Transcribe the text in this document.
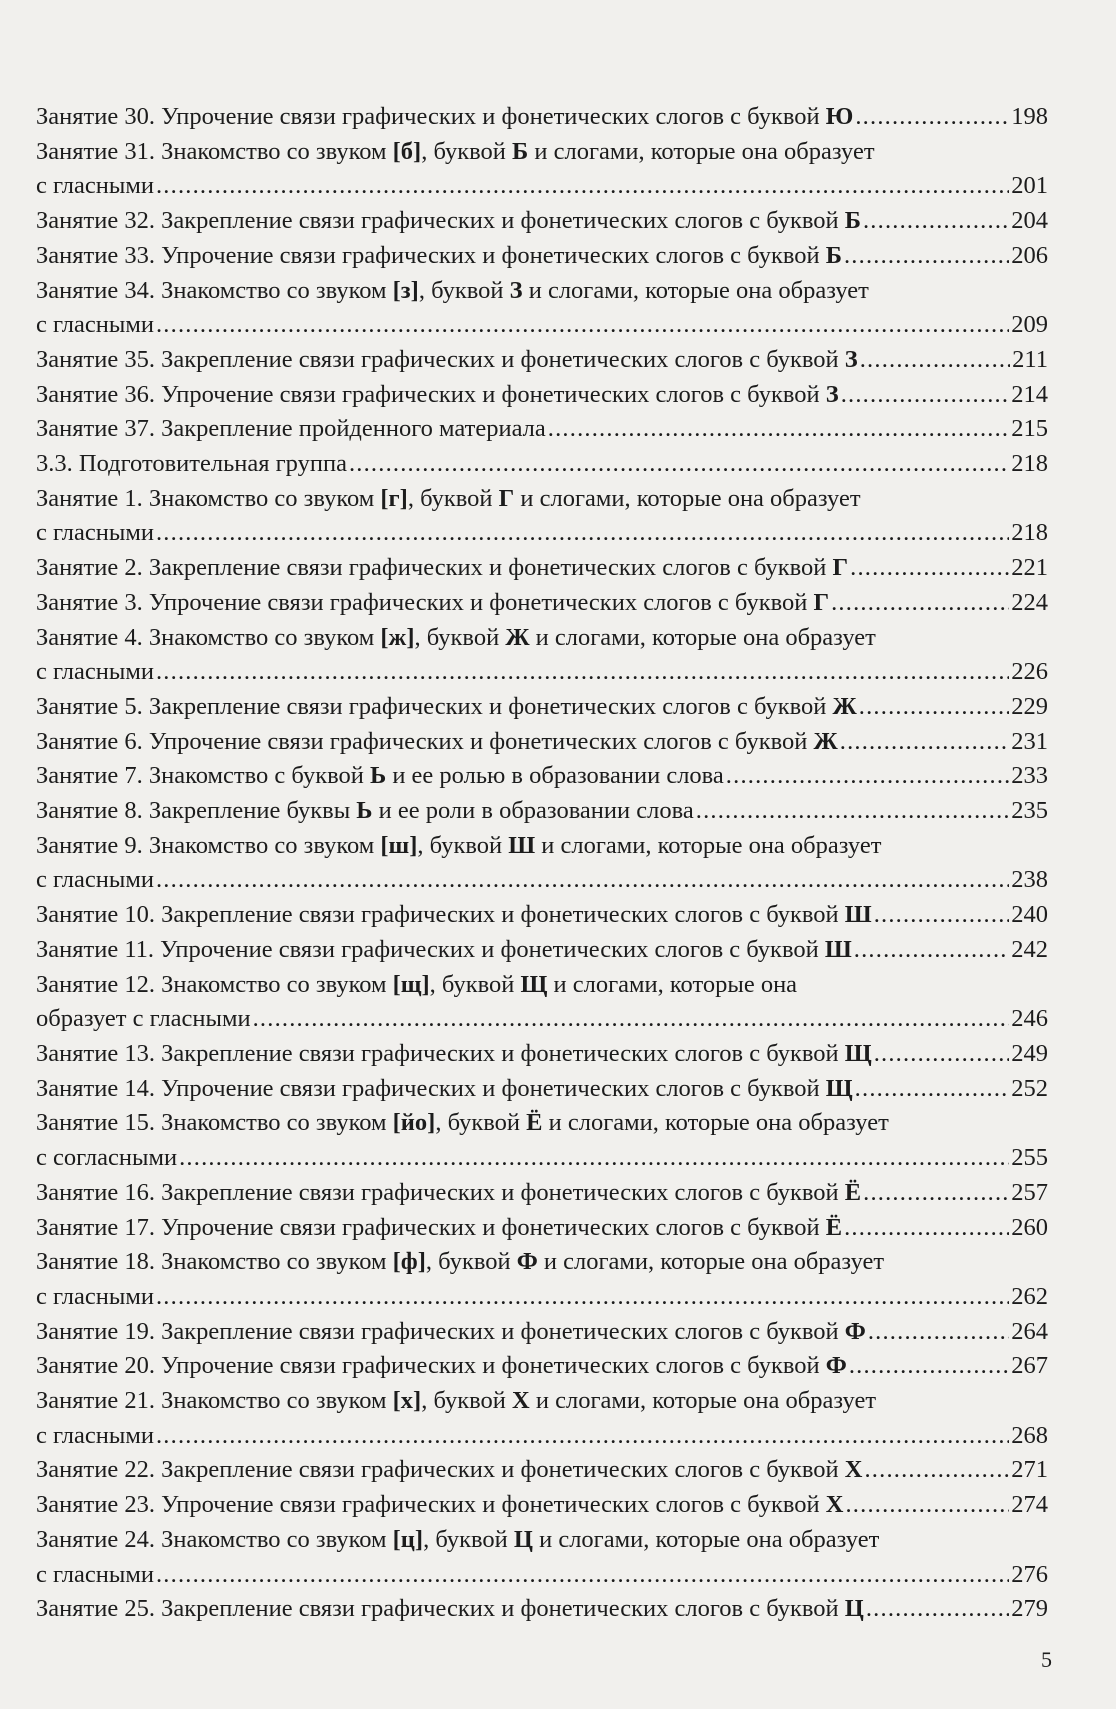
Занятие 30. Упрочение связи графических и фонетических слогов с буквой Ю .....	198
Занятие 31. Знакомство со звуком [б], буквой Б и слогами, которые она образует
с гласными .....	201
Занятие 32. Закрепление связи графических и фонетических слогов с буквой Б .....	204
Занятие 33. Упрочение связи графических и фонетических слогов с буквой Б .....	206
Занятие 34. Знакомство со звуком [з], буквой З и слогами, которые она образует
с гласными .....	209
Занятие 35. Закрепление связи графических и фонетических слогов с буквой З .....	211
Занятие 36. Упрочение связи графических и фонетических слогов с буквой З .....	214
Занятие 37. Закрепление пройденного материала .....	215
3.3. Подготовительная группа .....	218
Занятие 1. Знакомство со звуком [г], буквой Г и слогами, которые она образует
с гласными .....	218
Занятие 2. Закрепление связи графических и фонетических слогов с буквой Г .....	221
Занятие 3. Упрочение связи графических и фонетических слогов с буквой Г .....	224
Занятие 4. Знакомство со звуком [ж], буквой Ж и слогами, которые она образует
с гласными .....	226
Занятие 5. Закрепление связи графических и фонетических слогов с буквой Ж .....	229
Занятие 6. Упрочение связи графических и фонетических слогов с буквой Ж .....	231
Занятие 7. Знакомство с буквой Ь и ее ролью в образовании слова .....	233
Занятие 8. Закрепление буквы Ь и ее роли в образовании слова .....	235
Занятие 9. Знакомство со звуком [ш], буквой Ш и слогами, которые она образует
с гласными .....	238
Занятие 10. Закрепление связи графических и фонетических слогов с буквой Ш .....	240
Занятие 11. Упрочение связи графических и фонетических слогов с буквой Ш .....	242
Занятие 12. Знакомство со звуком [щ], буквой Щ и слогами, которые она
образует с гласными .....	246
Занятие 13. Закрепление связи графических и фонетических слогов с буквой Щ .....	249
Занятие 14. Упрочение связи графических и фонетических слогов с буквой Щ .....	252
Занятие 15. Знакомство со звуком [йо], буквой Ё и слогами, которые она образует
с согласными .....	255
Занятие 16. Закрепление связи графических и фонетических слогов с буквой Ё .....	257
Занятие 17. Упрочение связи графических и фонетических слогов с буквой Ё .....	260
Занятие 18. Знакомство со звуком [ф], буквой Ф и слогами, которые она образует
с гласными .....	262
Занятие 19. Закрепление связи графических и фонетических слогов с буквой Ф .....	264
Занятие 20. Упрочение связи графических и фонетических слогов с буквой Ф .....	267
Занятие 21. Знакомство со звуком [х], буквой Х и слогами, которые она образует
с гласными .....	268
Занятие 22. Закрепление связи графических и фонетических слогов с буквой Х .....	271
Занятие 23. Упрочение связи графических и фонетических слогов с буквой Х .....	274
Занятие 24. Знакомство со звуком [ц], буквой Ц и слогами, которые она образует
с гласными .....	276
Занятие 25. Закрепление связи графических и фонетических слогов с буквой Ц .....	279
5
